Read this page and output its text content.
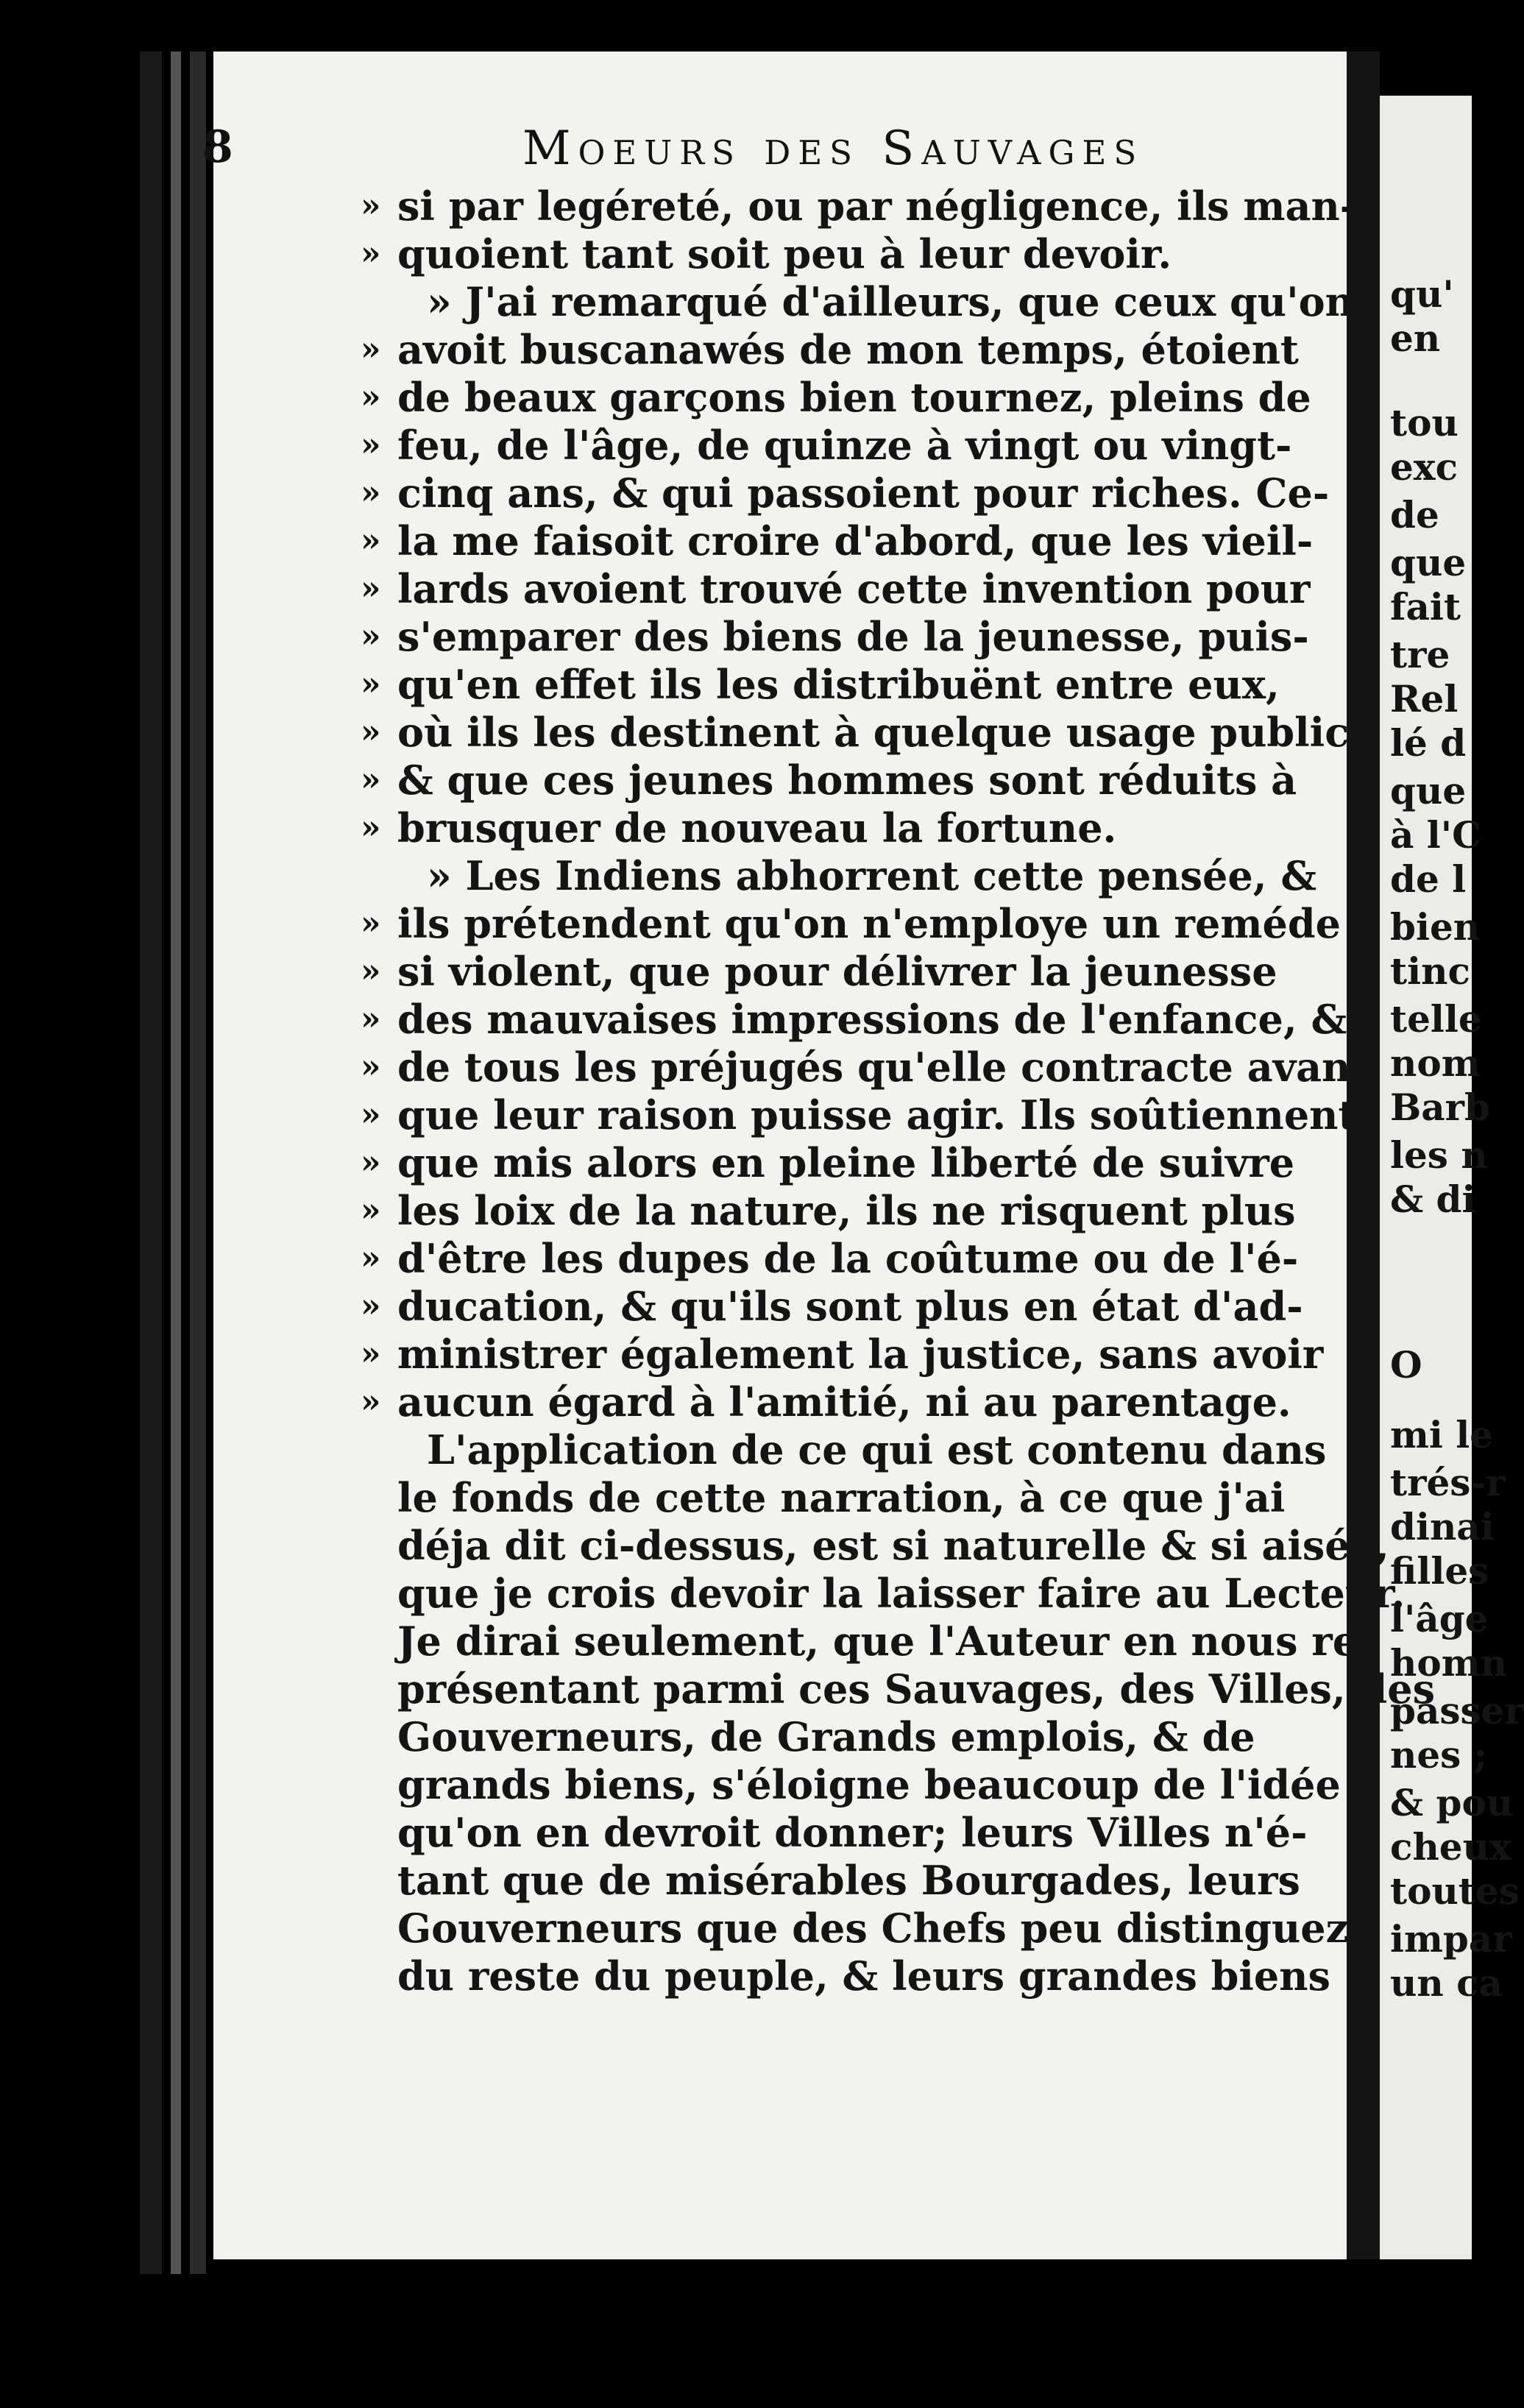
qu'
en
tou
exc
de
que
fait
tre
Rel
lé d
que
à l'C
de l
bien
tinc
telle
nom
Barb
les n
& di
O
mi le
trés-r
dinai
filles
l'âge
homn
passer
nes ;
& pou
cheux
toutes
impar
un ca
8	Moeurs des Sauvages
» si par legéreté, ou par négligence, ils man-
» quoient tant soit peu à leur devoir.
» J'ai remarqué d'ailleurs, que ceux qu'on
» avoit buscanawés de mon temps, étoient
» de beaux garçons bien tournez, pleins de
» feu, de l'âge, de quinze à vingt ou vingt-
» cinq ans, & qui passoient pour riches. Ce-
» la me faisoit croire d'abord, que les vieil-
» lards avoient trouvé cette invention pour
» s'emparer des biens de la jeunesse, puis-
» qu'en effet ils les distribuënt entre eux,
» où ils les destinent à quelque usage public,
» & que ces jeunes hommes sont réduits à
» brusquer de nouveau la fortune.
» Les Indiens abhorrent cette pensée, &
» ils prétendent qu'on n'employe un reméde
» si violent, que pour délivrer la jeunesse
» des mauvaises impressions de l'enfance, &
» de tous les préjugés qu'elle contracte avant
» que leur raison puisse agir. Ils soûtiennent,
» que mis alors en pleine liberté de suivre
» les loix de la nature, ils ne risquent plus
» d'être les dupes de la coûtume ou de l'é-
» ducation, & qu'ils sont plus en état d'ad-
» ministrer également la justice, sans avoir
» aucun égard à l'amitié, ni au parentage.
L'application de ce qui est contenu dans
le fonds de cette narration, à ce que j'ai
déja dit ci-dessus, est si naturelle & si aisée,
que je crois devoir la laisser faire au Lecteur.
Je dirai seulement, que l'Auteur en nous re-
présentant parmi ces Sauvages, des Villes, des
Gouverneurs, de Grands emplois, & de
grands biens, s'éloigne beaucoup de l'idée
qu'on en devroit donner; leurs Villes n'é-
tant que de misérables Bourgades, leurs
Gouverneurs que des Chefs peu distinguez
du reste du peuple, & leurs grandes biens
